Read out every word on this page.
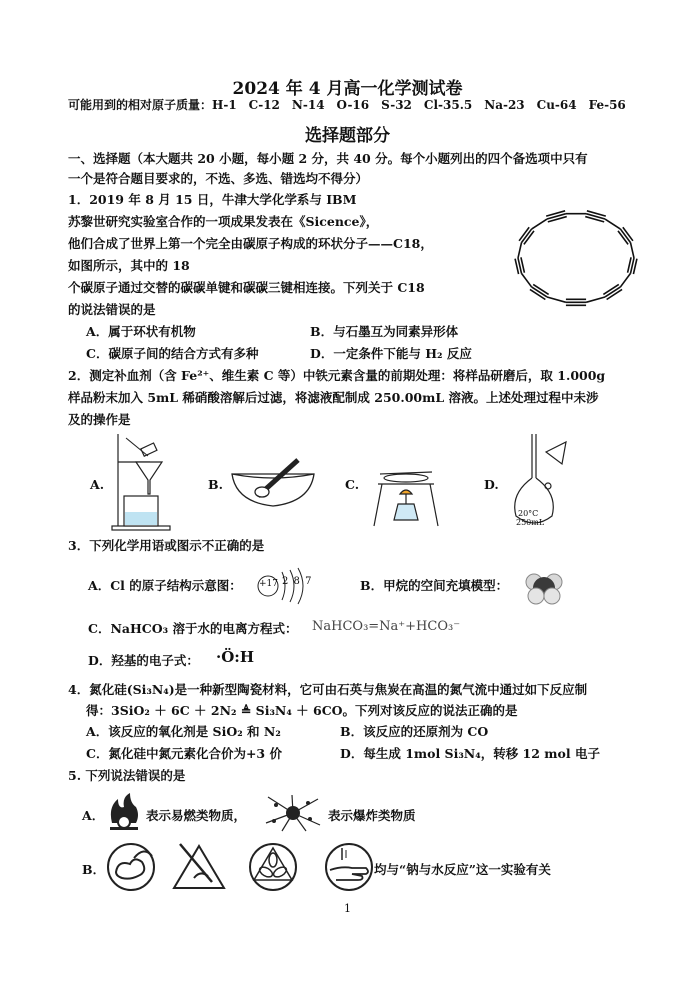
2024 年 4 月高一化学测试卷
可能用到的相对原子质量：H-1　C-12　N-14　O-16　S-32　Cl-35.5　Na-23　Cu-64　Fe-56
选择题部分
一、选择题（本大题共 20 小题，每小题 2 分，共 40 分。每个小题列出的四个备选项中只有
一个是符合题目要求的，不选、多选、错选均不得分）
1．2019 年 8 月 15 日，牛津大学化学系与 IBM
苏黎世研究实验室合作的一项成果发表在《Sicence》，
他们合成了世界上第一个完全由碳原子构成的环状分子——C18，
如图所示，其中的 18
个碳原子通过交替的碳碳单键和碳碳三键相连接。下列关于 C18
的说法错误的是
A．属于环状有机物	B．与石墨互为同素异形体
C．碳原子间的结合方式有多种	D．一定条件下能与 H₂ 反应
2．测定补血剂（含 Fe²⁺、维生素 C 等）中铁元素含量的前期处理：将样品研磨后，取 1.000g
样品粉末加入 5mL 稀硝酸溶解后过滤，将滤液配制成 250.00mL 溶液。上述处理过程中未涉
及的操作是
A.	B.	C.	D.
20°C
250mL
3．下列化学用语或图示不正确的是
A．Cl 的原子结构示意图： +17 2 8 7	B．甲烷的空间充填模型：
C．NaHCO₃ 溶于水的电离方程式： NaHCO₃=Na⁺+HCO₃⁻
D．羟基的电子式： ·Ö:H
4．氮化硅(Si₃N₄)是一种新型陶瓷材料，它可由石英与焦炭在高温的氮气流中通过如下反应制
得：3SiO₂ ＋ 6C ＋ 2N₂ ≜ Si₃N₄ ＋ 6CO。下列对该反应的说法正确的是
A．该反应的氧化剂是 SiO₂ 和 N₂	B．该反应的还原剂为 CO
C．氮化硅中氮元素化合价为+3 价	D．每生成 1mol Si₃N₄，转移 12 mol 电子
5. 下列说法错误的是
A．	表示易燃类物质，	表示爆炸类物质
B．	均与“钠与水反应”这一实验有关
1
